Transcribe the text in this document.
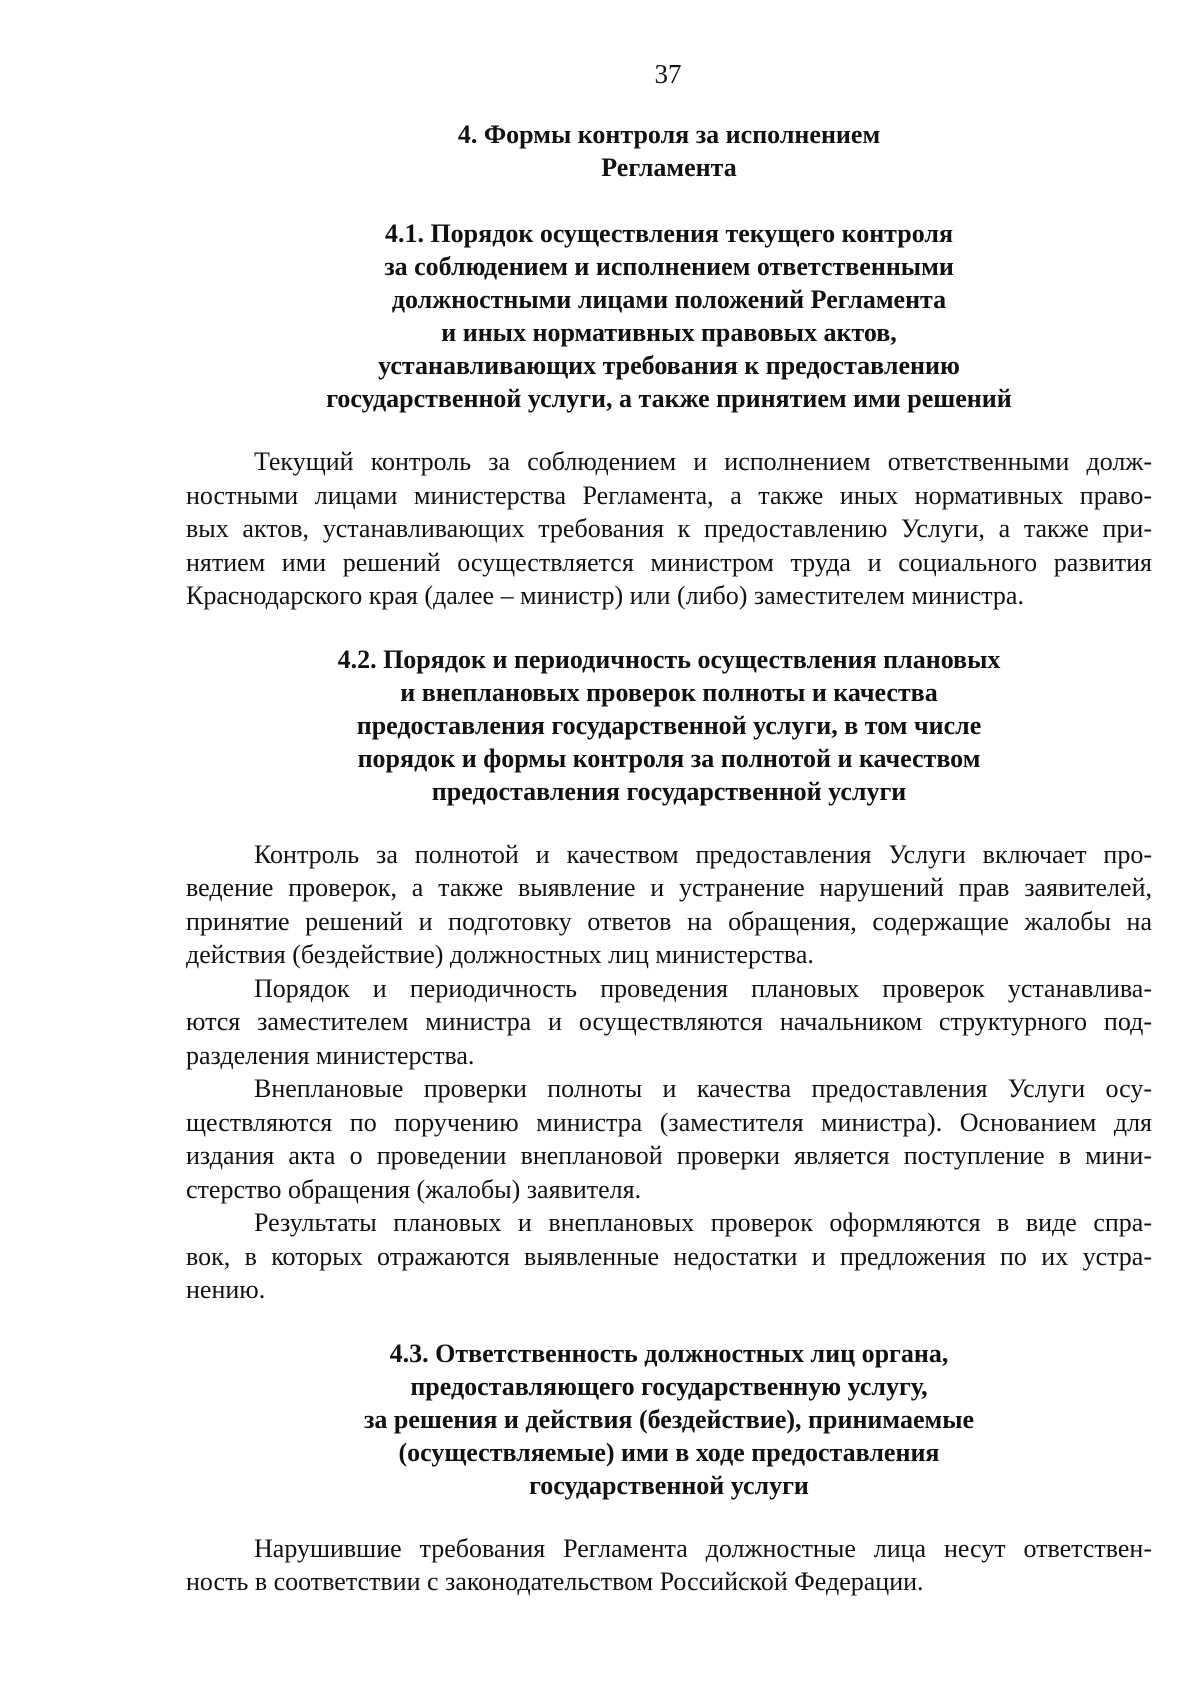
37
4. Формы контроля за исполнением
Регламента
4.1. Порядок осуществления текущего контроля
за соблюдением и исполнением ответственными
должностными лицами положений Регламента
и иных нормативных правовых актов,
устанавливающих требования к предоставлению
государственной услуги, а также принятием ими решений
Текущий контроль за соблюдением и исполнением ответственными долж-
ностными лицами министерства Регламента, а также иных нормативных право-
вых актов, устанавливающих требования к предоставлению Услуги, а также при-
нятием ими решений осуществляется министром труда и социального развития
Краснодарского края (далее – министр) или (либо) заместителем министра.
4.2. Порядок и периодичность осуществления плановых
и внеплановых проверок полноты и качества
предоставления государственной услуги, в том числе
порядок и формы контроля за полнотой и качеством
предоставления государственной услуги
Контроль за полнотой и качеством предоставления Услуги включает про-
ведение проверок, а также выявление и устранение нарушений прав заявителей,
принятие решений и подготовку ответов на обращения, содержащие жалобы на
действия (бездействие) должностных лиц министерства.
Порядок и периодичность проведения плановых проверок устанавлива-
ются заместителем министра и осуществляются начальником структурного под-
разделения министерства.
Внеплановые проверки полноты и качества предоставления Услуги осу-
ществляются по поручению министра (заместителя министра). Основанием для
издания акта о проведении внеплановой проверки является поступление в мини-
стерство обращения (жалобы) заявителя.
Результаты плановых и внеплановых проверок оформляются в виде спра-
вок, в которых отражаются выявленные недостатки и предложения по их устра-
нению.
4.3. Ответственность должностных лиц органа,
предоставляющего государственную услугу,
за решения и действия (бездействие), принимаемые
(осуществляемые) ими в ходе предоставления
государственной услуги
Нарушившие требования Регламента должностные лица несут ответствен-
ность в соответствии с законодательством Российской Федерации.
